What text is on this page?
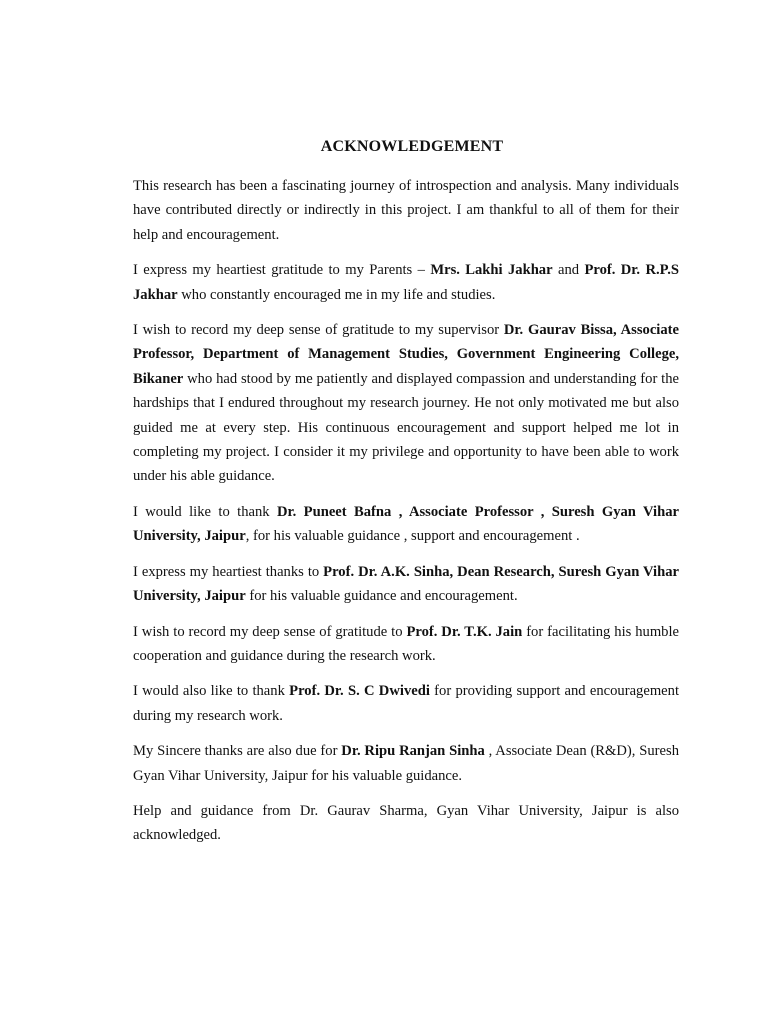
ACKNOWLEDGEMENT

This research has been a fascinating journey of introspection and analysis. Many individuals have contributed directly or indirectly in this project. I am thankful to all of them for their help and encouragement.

I express my heartiest gratitude to my Parents – Mrs. Lakhi Jakhar and Prof. Dr. R.P.S Jakhar who constantly encouraged me in my life and studies.

I wish to record my deep sense of gratitude to my supervisor Dr. Gaurav Bissa, Associate Professor, Department of Management Studies, Government Engineering College, Bikaner who had stood by me patiently and displayed compassion and understanding for the hardships that I endured throughout my research journey. He not only motivated me but also guided me at every step. His continuous encouragement and support helped me lot in completing my project. I consider it my privilege and opportunity to have been able to work under his able guidance.

I would like to thank Dr. Puneet Bafna , Associate Professor , Suresh Gyan Vihar University, Jaipur, for his valuable guidance , support and encouragement .

I express my heartiest thanks to Prof. Dr. A.K. Sinha, Dean Research, Suresh Gyan Vihar University, Jaipur for his valuable guidance and encouragement.

I wish to record my deep sense of gratitude to Prof. Dr. T.K. Jain for facilitating his humble cooperation and guidance during the research work.

I would also like to thank Prof. Dr. S. C Dwivedi for providing support and encouragement during my research work.

My Sincere thanks are also due for Dr. Ripu Ranjan Sinha , Associate Dean (R&D), Suresh Gyan Vihar University, Jaipur for his valuable guidance.

Help and guidance from Dr. Gaurav Sharma, Gyan Vihar University, Jaipur is also acknowledged.
